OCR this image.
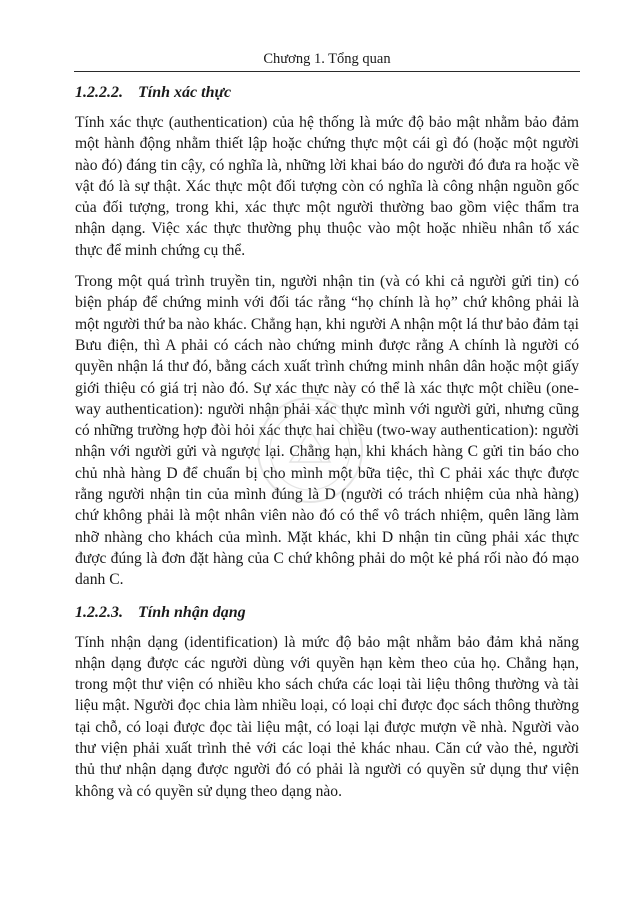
Chương 1. Tổng quan
1.2.2.2. Tính xác thực

Tính xác thực (authentication) của hệ thống là mức độ bảo mật nhằm bảo đảm một hành động nhằm thiết lập hoặc chứng thực một cái gì đó (hoặc một người nào đó) đáng tin cậy, có nghĩa là, những lời khai báo do người đó đưa ra hoặc về vật đó là sự thật. Xác thực một đối tượng còn có nghĩa là công nhận nguồn gốc của đối tượng, trong khi, xác thực một người thường bao gồm việc thẩm tra nhận dạng. Việc xác thực thường phụ thuộc vào một hoặc nhiều nhân tố xác thực để minh chứng cụ thể.

Trong một quá trình truyền tin, người nhận tin (và có khi cả người gửi tin) có biện pháp để chứng minh với đối tác rằng “họ chính là họ” chứ không phải là một người thứ ba nào khác. Chẳng hạn, khi người A nhận một lá thư bảo đảm tại Bưu điện, thì A phải có cách nào chứng minh được rằng A chính là người có quyền nhận lá thư đó, bằng cách xuất trình chứng minh nhân dân hoặc một giấy giới thiệu có giá trị nào đó. Sự xác thực này có thể là xác thực một chiều (one-way authentication): người nhận phải xác thực mình với người gửi, nhưng cũng có những trường hợp đòi hỏi xác thực hai chiều (two-way authentication): người nhận với người gửi và ngược lại. Chẳng hạn, khi khách hàng C gửi tin báo cho chủ nhà hàng D để chuẩn bị cho mình một bữa tiệc, thì C phải xác thực được rằng người nhận tin của mình đúng là D (người có trách nhiệm của nhà hàng) chứ không phải là một nhân viên nào đó có thể vô trách nhiệm, quên lãng làm nhỡ nhàng cho khách của mình. Mặt khác, khi D nhận tin cũng phải xác thực được đúng là đơn đặt hàng của C chứ không phải do một kẻ phá rối nào đó mạo danh C.

1.2.2.3. Tính nhận dạng

Tính nhận dạng (identification) là mức độ bảo mật nhằm bảo đảm khả năng nhận dạng được các người dùng với quyền hạn kèm theo của họ. Chẳng hạn, trong một thư viện có nhiều kho sách chứa các loại tài liệu thông thường và tài liệu mật. Người đọc chia làm nhiều loại, có loại chỉ được đọc sách thông thường tại chỗ, có loại được đọc tài liệu mật, có loại lại được mượn về nhà. Người vào thư viện phải xuất trình thẻ với các loại thẻ khác nhau. Căn cứ vào thẻ, người thủ thư nhận dạng được người đó có phải là người có quyền sử dụng thư viện không và có quyền sử dụng theo dạng nào.
